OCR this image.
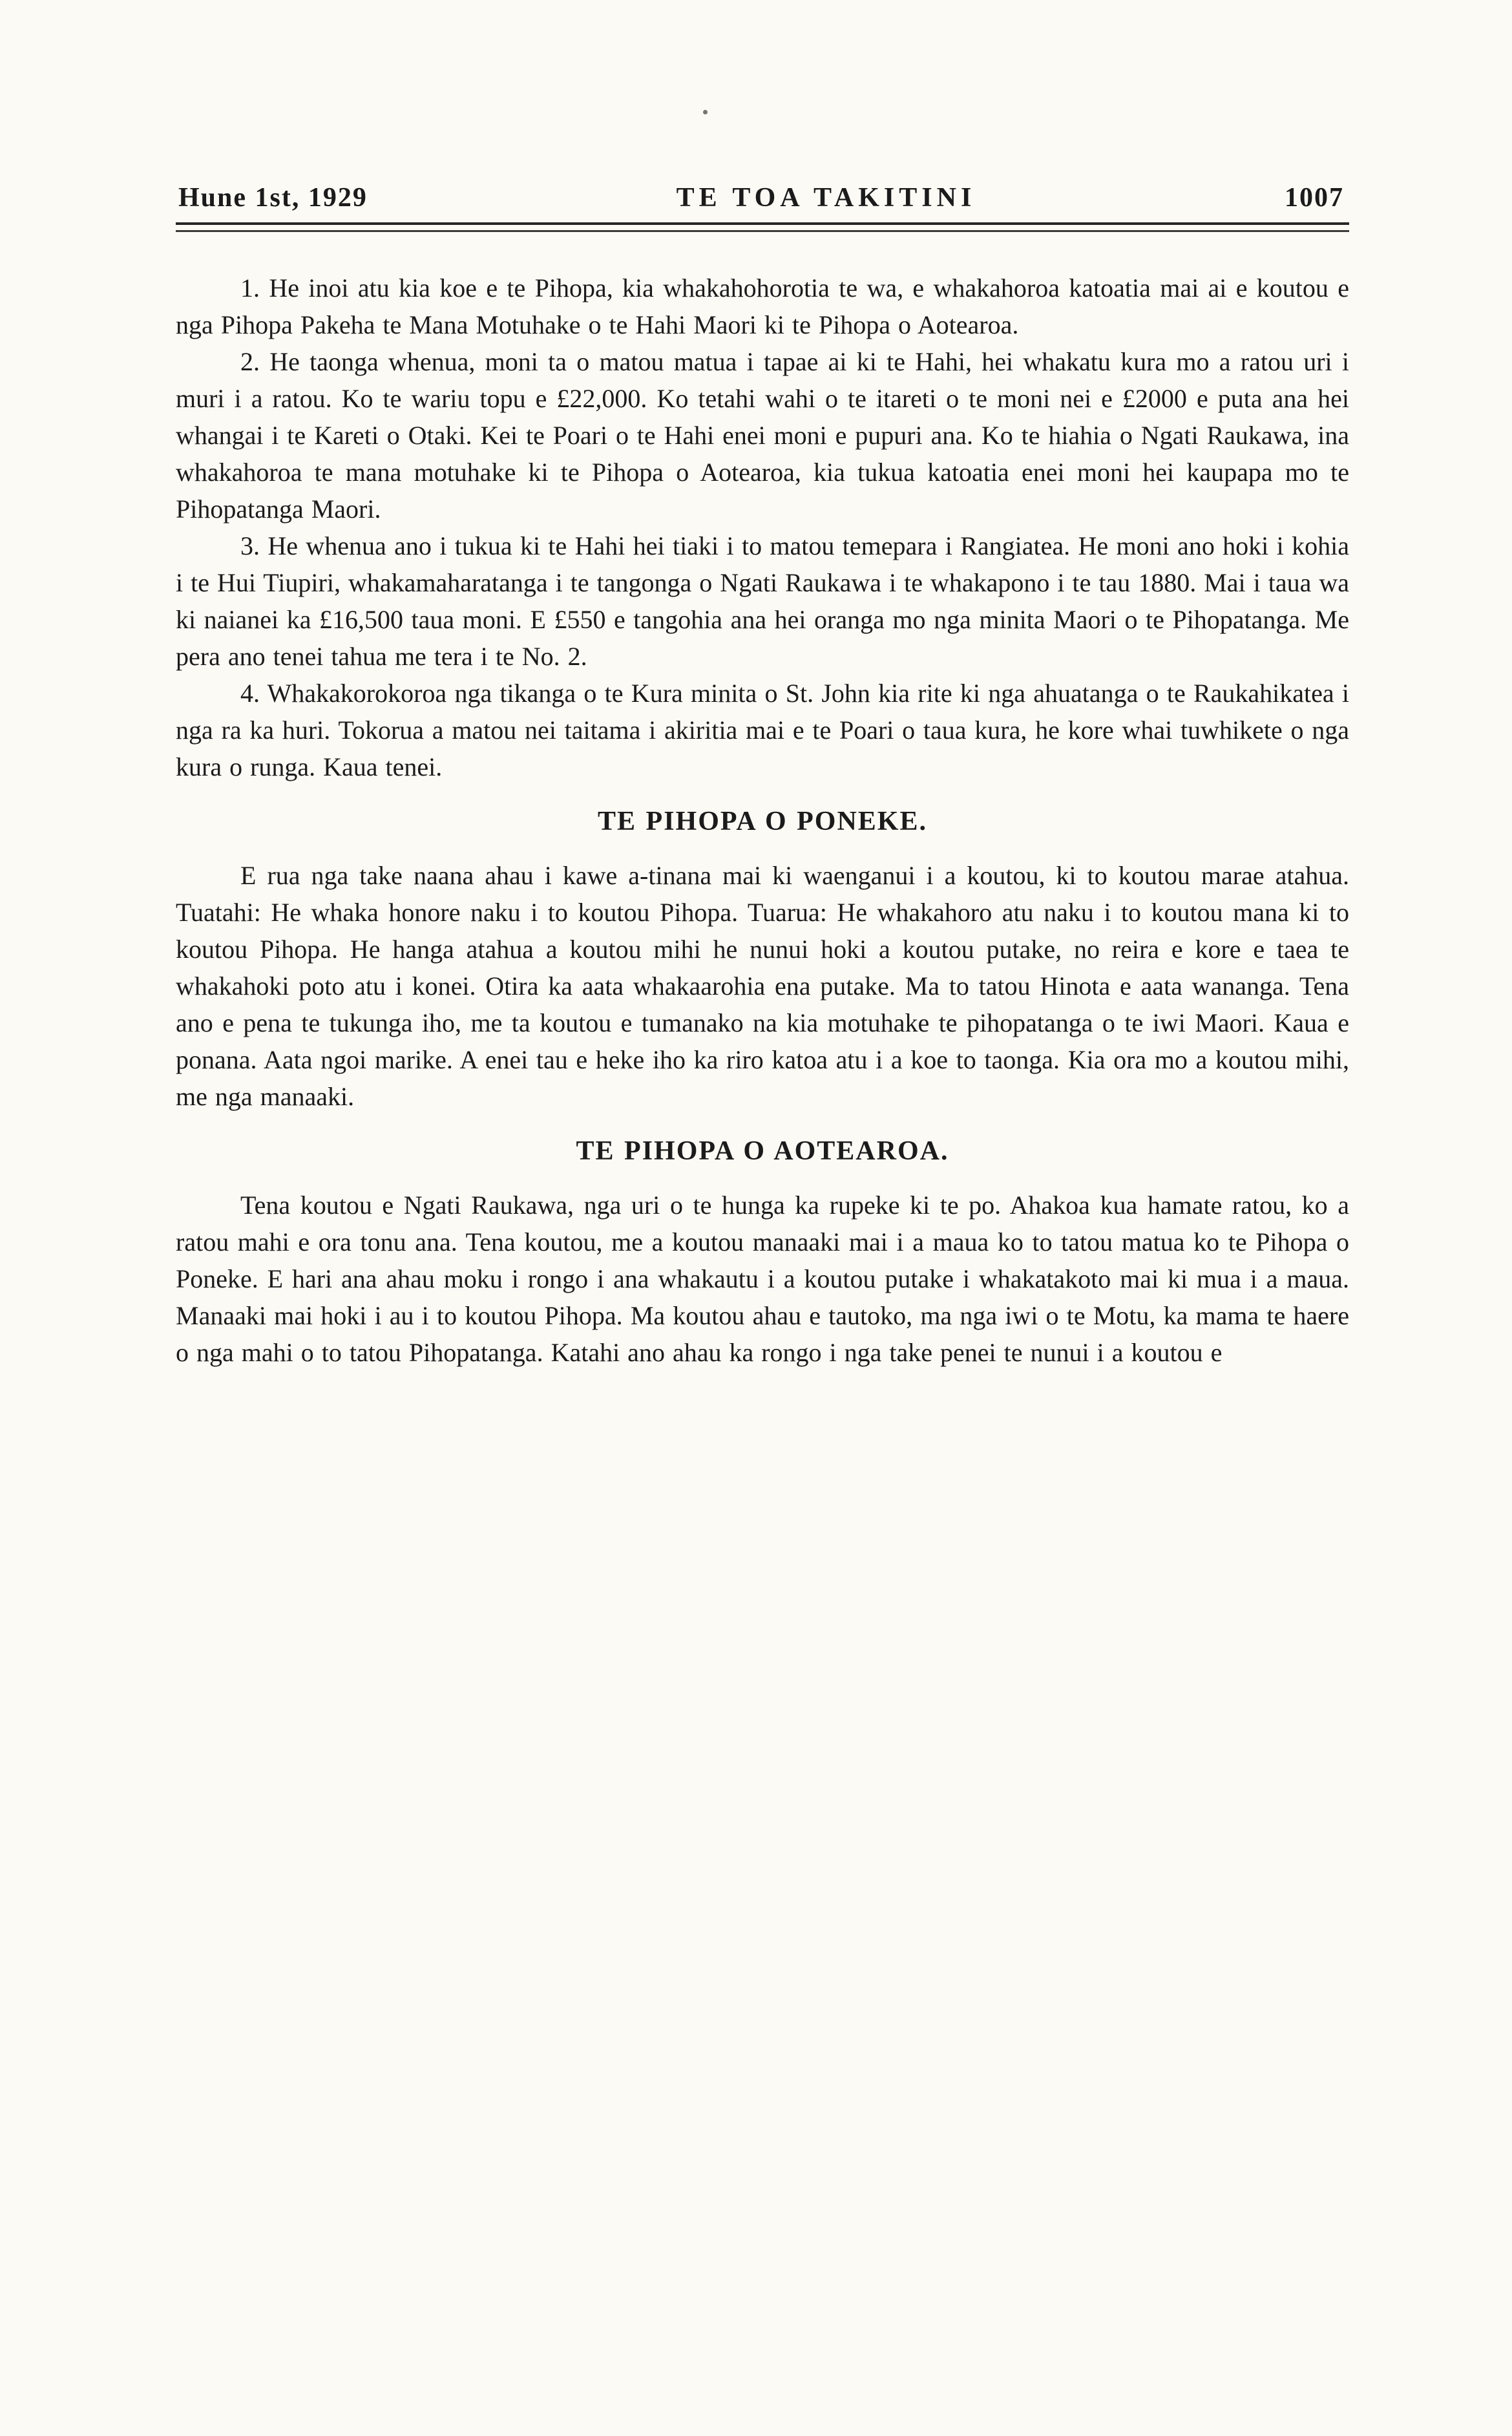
Hune 1st, 1929	TE TOA TAKITINI	1007

1. He inoi atu kia koe e te Pihopa, kia whakahohorotia te wa, e whakahoroa katoatia mai ai e koutou e nga Pihopa Pakeha te Mana Motuhake o te Hahi Maori ki te Pihopa o Aotearoa.

2. He taonga whenua, moni ta o matou matua i tapae ai ki te Hahi, hei whakatu kura mo a ratou uri i muri i a ratou. Ko te wariu topu e £22,000. Ko tetahi wahi o te itareti o te moni nei e £2000 e puta ana hei whangai i te Kareti o Otaki. Kei te Poari o te Hahi enei moni e pupuri ana. Ko te hiahia o Ngati Raukawa, ina whakahoroa te mana motuhake ki te Pihopa o Aotearoa, kia tukua katoatia enei moni hei kaupapa mo te Pihopatanga Maori.

3. He whenua ano i tukua ki te Hahi hei tiaki i to matou temepara i Rangiatea. He moni ano hoki i kohia i te Hui Tiupiri, whakamaharatanga i te tangonga o Ngati Raukawa i te whakapono i te tau 1880. Mai i taua wa ki naianei ka £16,500 taua moni. E £550 e tangohia ana hei oranga mo nga minita Maori o te Pihopatanga. Me pera ano tenei tahua me tera i te No. 2.

4. Whakakorokoroa nga tikanga o te Kura minita o St. John kia rite ki nga ahuatanga o te Raukahikatea i nga ra ka huri. Tokorua a matou nei taitama i akiritia mai e te Poari o taua kura, he kore whai tuwhikete o nga kura o runga. Kaua tenei.

TE PIHOPA O PONEKE.

E rua nga take naana ahau i kawe a-tinana mai ki waenganui i a koutou, ki to koutou marae atahua. Tuatahi: He whaka honore naku i to koutou Pihopa. Tuarua: He whakahoro atu naku i to koutou mana ki to koutou Pihopa. He hanga atahua a koutou mihi he nunui hoki a koutou putake, no reira e kore e taea te whakahoki poto atu i konei. Otira ka aata whakaarohia ena putake. Ma to tatou Hinota e aata wananga. Tena ano e pena te tukunga iho, me ta koutou e tumanako na kia motuhake te pihopatanga o te iwi Maori. Kaua e ponana. Aata ngoi marike. A enei tau e heke iho ka riro katoa atu i a koe to taonga. Kia ora mo a koutou mihi, me nga manaaki.

TE PIHOPA O AOTEAROA.

Tena koutou e Ngati Raukawa, nga uri o te hunga ka rupeke ki te po. Ahakoa kua hamate ratou, ko a ratou mahi e ora tonu ana. Tena koutou, me a koutou manaaki mai i a maua ko to tatou matua ko te Pihopa o Poneke. E hari ana ahau moku i rongo i ana whakautu i a koutou putake i whakatakoto mai ki mua i a maua. Manaaki mai hoki i au i to koutou Pihopa. Ma koutou ahau e tautoko, ma nga iwi o te Motu, ka mama te haere o nga mahi o to tatou Pihopatanga. Katahi ano ahau ka rongo i nga take penei te nunui i a koutou e
